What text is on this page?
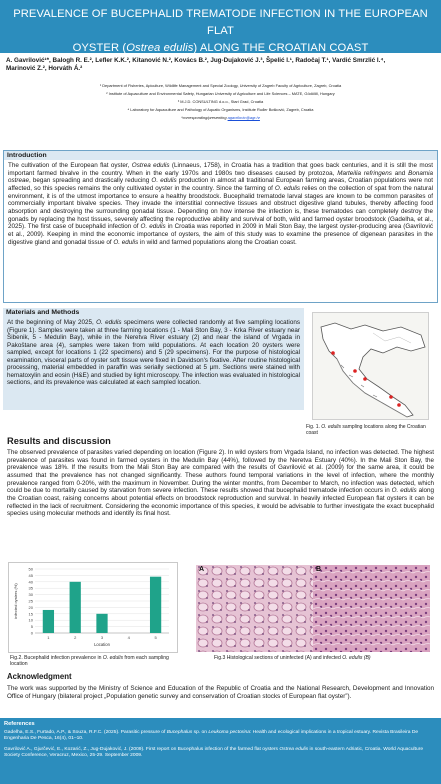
PREVALENCE OF BUCEPHALID TREMATODE INFECTION IN THE EUROPEAN FLAT
OYSTER (Ostrea edulis) ALONG THE CROATIAN COAST
A. Gavrilović¹*, Balogh R. E.², Lefler K.K.², Kitanović N.², Kovács B.², Jug-Dujaković J.³, Špelić I.¹, Radočaj T.¹, Vardić Smrzlić I.⁴,
Marinović Z.², Horváth Á.²
¹ Department of Fisheries, Apiculture, Wildlife Management and Special Zoology, University of Zagreb Faculty of Agriculture, Zagreb, Croatia
² Institute of Aquaculture and Environmental Safety, Hungarian University of Agriculture and Life Sciences – MATE, Gödöllő, Hungary
³ M.J.D. CONSULTING d.o.o., Stari Grad, Croatia
⁴ Laboratory for Aquaculture and Pathology of Aquatic Organisms, Institute Ruđer Bošković, Zagreb, Croatia
*corresponding/presenting agavrilovic@agr.hr
Introduction
The cultivation of the European flat oyster, Ostrea edulis (Linnaeus, 1758), in Croatia has a tradition that goes back centuries, and it is still the most important farmed bivalve in the country. When in the early 1970s and 1980s two diseases caused by protozoa, Marteilia refringens and Bonamia ostreae, began spreading and drastically reducing O. edulis production in almost all traditional European farming areas, Croatian populations were not affected, so this species remains the only cultivated oyster in the country. Since the farming of O. edulis relies on the collection of spat from the natural environment, it is of the utmost importance to ensure a healthy broodstock. Bucephalid trematode larval stages are known to be common parasites of commercially important bivalve species. They invade the interstitial connective tissues and obstruct digestive gland tubules, thereby affecting food absorption and destroying the surrounding gonadal tissue. Depending on how intense the infection is, these trematodes can completely destroy the gonads by replacing the host tissues, severely affecting the reproductive ability and survival of both, wild and farmed oyster broodstock (Gadelha, et al., 2025). The first case of bucephalid infection of O. edulis in Croatia was reported in 2009 in Mali Ston Bay, the largest oyster-producing area (Gavrilović et al., 2009). Keeping in mind the economic importance of oysters, the aim of this study was to examine the presence of digenean parasites in the digestive gland and gonadal tissue of O. edulis in wild and farmed populations along the Croatian coast.
Materials and Methods
At the beginning of May 2025, O. edulis specimens were collected randomly at five sampling locations (Figure 1). Samples were taken at three farming locations (1 - Mali Ston Bay, 3 - Krka River estuary near Šibenik, 5 - Medulin Bay), while in the Neretva River estuary (2) and near the island of Vrgada in Pakoštane area (4), samples were taken from wild populations. At each location 20 oysters were sampled, except for locations 1 (22 specimens) and 5 (29 specimens). For the purpose of histological examination, visceral parts of oyster soft tissue were fixed in Davidson's fixative. After routine histological processing, material embedded in paraffin was serially sectioned at 5 μm. Sections were stained with hematoxylin and eosin (H&E) and studied by light microscopy. The infection was evaluated in histological sections, and its prevalence was calculated at each sampled location.
Fig. 1. O. edulis sampling locations along the Croatian coast
Results and discussion
The observed prevalence of parasites varied depending on location (Figure 2). In wild oysters from Vrgada Island, no infection was detected. The highest prevalence of parasites was found in farmed oysters in the Medulin Bay (44%), followed by the Neretva Estuary (40%). In the Mali Ston Bay, the prevalence was 18%. If the results from the Mali Ston Bay are compared with the results of Gavrilović et al. (2009) for the same area, it could be assumed that the prevalence has not changed significantly. These authors found temporal variations in the level of infection, where the monthly prevalence ranged from 0-20%, with the maximum in November. During the winter months, from December to March, no infection was detected, which could be due to mortality caused by starvation from severe infection. These results showed that bucephalid trematode infection occurs in O. edulis along the Croatian coast, raising concerns about potential effects on broodstock reproduction and survival. In heavily infected European flat oysters it can be reflected in the lack of recruitment. Considering the economic importance of this species, it would be advisable to further investigate the exact bucephalid species using molecular methods and identify its final host.
0
5
10
15
20
25
30
35
40
45
50
1	2	3	4	5
Location
infected oysters (%)
Fig.2. Bucephalid infection prevalence in O. edulis from each sampling location
A	B
Fig.3 Histological sections of uninfected (A) and infected O. edulis (B)
Acknowledgment
The work was supported by the Ministry of Science and Education of the Republic of Croatia and the National Research, Development and Innovation Office of Hungary (bilateral project „Population genetic survey and conservation of Croatian stocks of European flat oyster”).
References
Gadelha, E.S., Furtado, A.P., & Souza, R.F.C. (2025). Parasitic pressure of Bucephalus sp. on Leukoma pectorina: Health and ecological implications in a tropical estuary. Revista Brasileira De Engenharia De Pesca, 16(4), 01–10.
Gavrilović A., Gjurčević, E., Kozarić, Z., Jug-Dujaković, J. (2009). First report on Bucephalus infection of the farmed flat oysters Ostrea edulis in south-eastern Adriatic, Croatia. World Aquaculture Society Conference, Veracruz, Mexico, 25-29. September 2009.
